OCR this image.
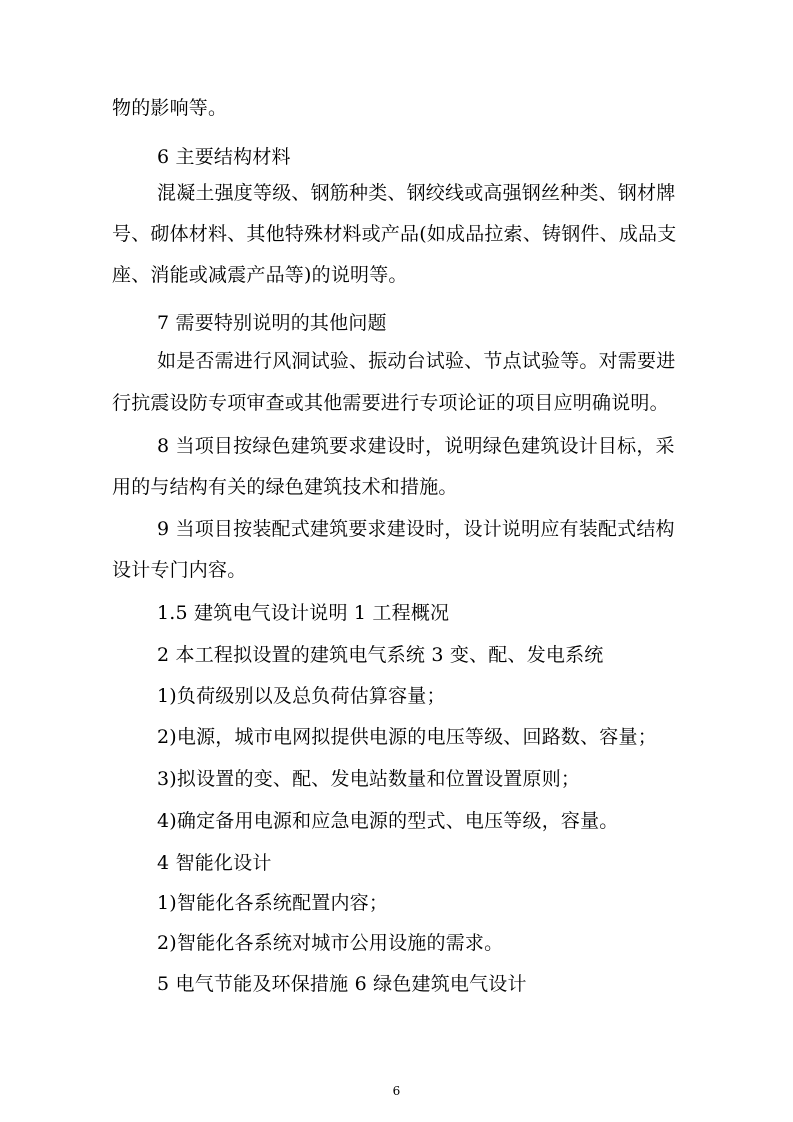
物的影响等。
6 主要结构材料
混凝土强度等级、钢筋种类、钢绞线或高强钢丝种类、钢材牌
号、砌体材料、其他特殊材料或产品(如成品拉索、铸钢件、成品支
座、消能或减震产品等)的说明等。
7 需要特别说明的其他问题
如是否需进行风洞试验、振动台试验、节点试验等。对需要进
行抗震设防专项审查或其他需要进行专项论证的项目应明确说明。
8 当项目按绿色建筑要求建设时，说明绿色建筑设计目标，采
用的与结构有关的绿色建筑技术和措施。
9 当项目按装配式建筑要求建设时，设计说明应有装配式结构
设计专门内容。
1.5 建筑电气设计说明 1 工程概况
2 本工程拟设置的建筑电气系统 3 变、配、发电系统
1)负荷级别以及总负荷估算容量；
2)电源，城市电网拟提供电源的电压等级、回路数、容量；
3)拟设置的变、配、发电站数量和位置设置原则；
4)确定备用电源和应急电源的型式、电压等级，容量。
4 智能化设计
1)智能化各系统配置内容；
2)智能化各系统对城市公用设施的需求。
5 电气节能及环保措施 6 绿色建筑电气设计
6
